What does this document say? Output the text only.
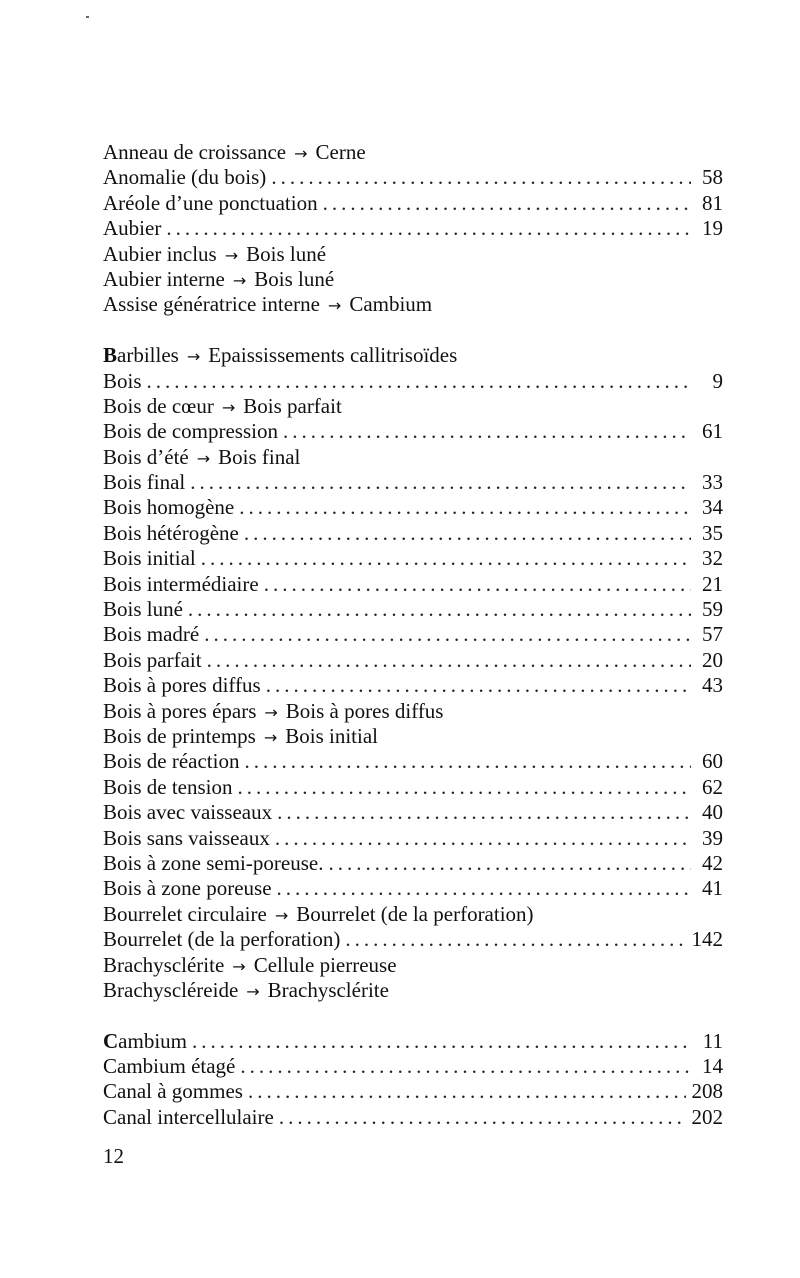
Anneau de croissance → Cerne
Anomalie (du bois) .....	58
Aréole d’une ponctuation .....	81
Aubier .....	19
Aubier inclus → Bois luné
Aubier interne → Bois luné
Assise génératrice interne → Cambium
Barbilles → Epaississements callitrisoïdes
Bois .....	9
Bois de cœur → Bois parfait
Bois de compression .....	61
Bois d’été → Bois final
Bois final .....	33
Bois homogène .....	34
Bois hétérogène .....	35
Bois initial .....	32
Bois intermédiaire .....	21
Bois luné .....	59
Bois madré .....	57
Bois parfait .....	20
Bois à pores diffus .....	43
Bois à pores épars → Bois à pores diffus
Bois de printemps → Bois initial
Bois de réaction .....	60
Bois de tension .....	62
Bois avec vaisseaux .....	40
Bois sans vaisseaux .....	39
Bois à zone semi-poreuse. .....	42
Bois à zone poreuse .....	41
Bourrelet circulaire → Bourrelet (de la perforation)
Bourrelet (de la perforation) .....	142
Brachysclérite → Cellule pierreuse
Brachyscléreide → Brachysclérite
Cambium .....	11
Cambium étagé .....	14
Canal à gommes .....	208
Canal intercellulaire .....	202
12
